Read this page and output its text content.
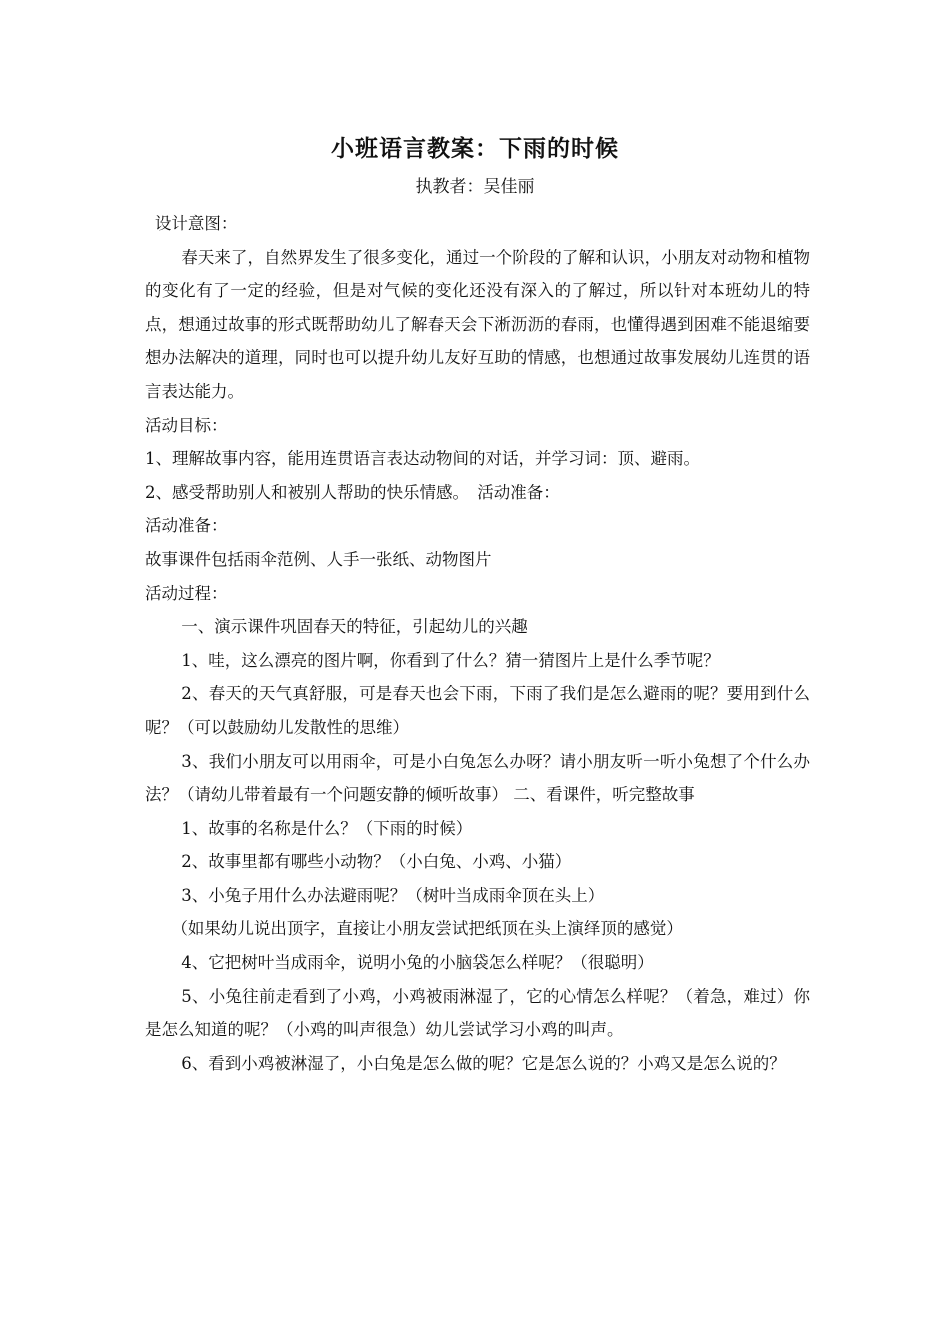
小班语言教案：下雨的时候
执教者：吴佳丽

设计意图：

春天来了，自然界发生了很多变化，通过一个阶段的了解和认识，小朋友对动物和植物的变化有了一定的经验，但是对气候的变化还没有深入的了解过，所以针对本班幼儿的特点，想通过故事的形式既帮助幼儿了解春天会下淅沥沥的春雨，也懂得遇到困难不能退缩要想办法解决的道理，同时也可以提升幼儿友好互助的情感，也想通过故事发展幼儿连贯的语言表达能力。

活动目标：

1、理解故事内容，能用连贯语言表达动物间的对话，并学习词：顶、避雨。

2、感受帮助别人和被别人帮助的快乐情感。　活动准备：

活动准备：

故事课件包括雨伞范例、人手一张纸、动物图片

活动过程：

一、演示课件巩固春天的特征，引起幼儿的兴趣

1、哇，这么漂亮的图片啊，你看到了什么？猜一猜图片上是什么季节呢？

2、春天的天气真舒服，可是春天也会下雨，下雨了我们是怎么避雨的呢？要用到什么呢？（可以鼓励幼儿发散性的思维）

3、我们小朋友可以用雨伞，可是小白兔怎么办呀？请小朋友听一听小兔想了个什么办法？（请幼儿带着最有一个问题安静的倾听故事） 二、看课件，听完整故事

1、故事的名称是什么？（下雨的时候）

2、故事里都有哪些小动物？（小白兔、小鸡、小猫）

3、小兔子用什么办法避雨呢？（树叶当成雨伞顶在头上）

（如果幼儿说出顶字，直接让小朋友尝试把纸顶在头上演绎顶的感觉）

4、它把树叶当成雨伞，说明小兔的小脑袋怎么样呢？（很聪明）

5、小兔往前走看到了小鸡，小鸡被雨淋湿了，它的心情怎么样呢？（着急，难过）你是怎么知道的呢？（小鸡的叫声很急）幼儿尝试学习小鸡的叫声。

6、看到小鸡被淋湿了，小白兔是怎么做的呢？它是怎么说的？小鸡又是怎么说的？
